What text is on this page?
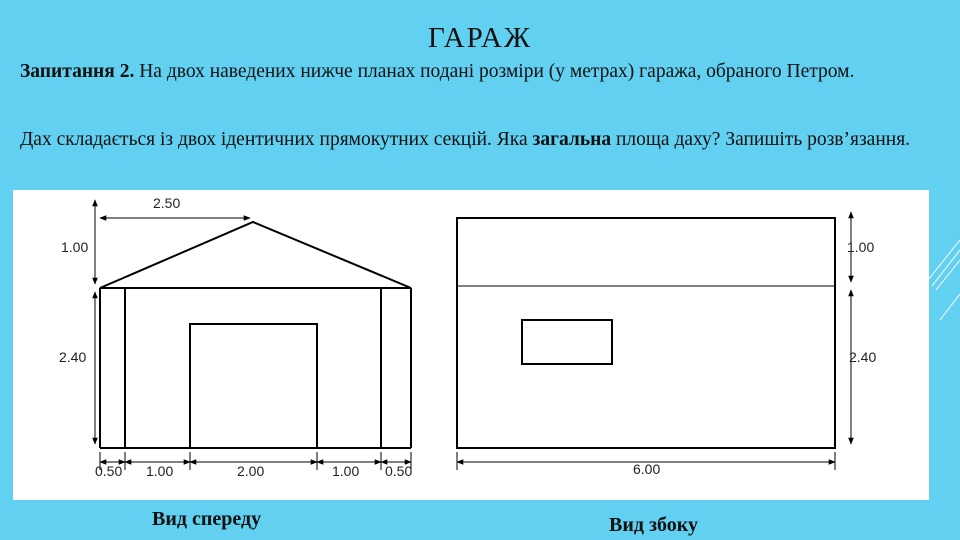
ГАРАЖ
Запитання 2. На двох наведених нижче планах подані розміри (у метрах) гаража, обраного Петром.
Дах складається із двох ідентичних прямокутних секцій. Яка загальна площа даху? Запишіть розв’язання.
2.50
1.00
2.40
0.50 1.00	2.00	1.00 0.50
1.00
2.40
6.00
Вид спереду	Вид збоку
